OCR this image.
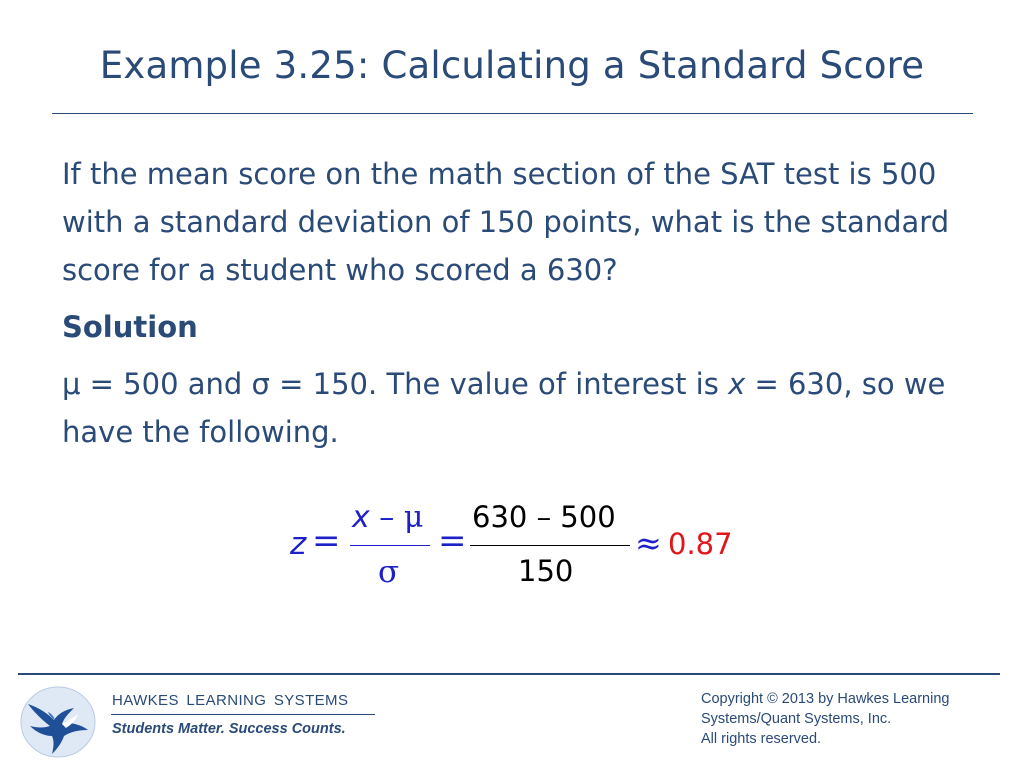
Example 3.25: Calculating a Standard Score

If the mean score on the math section of the SAT test is 500 with a standard deviation of 150 points, what is the standard score for a student who scored a 630?

Solution

μ = 500 and σ = 150. The value of interest is x = 630, so we have the following.

z =
x – μ
σ
=
630 – 500
150
≈ 0.87
HAWKES LEARNING SYSTEMS
Students Matter. Success Counts.
Copyright © 2013 by Hawkes Learning
Systems/Quant Systems, Inc.
All rights reserved.
